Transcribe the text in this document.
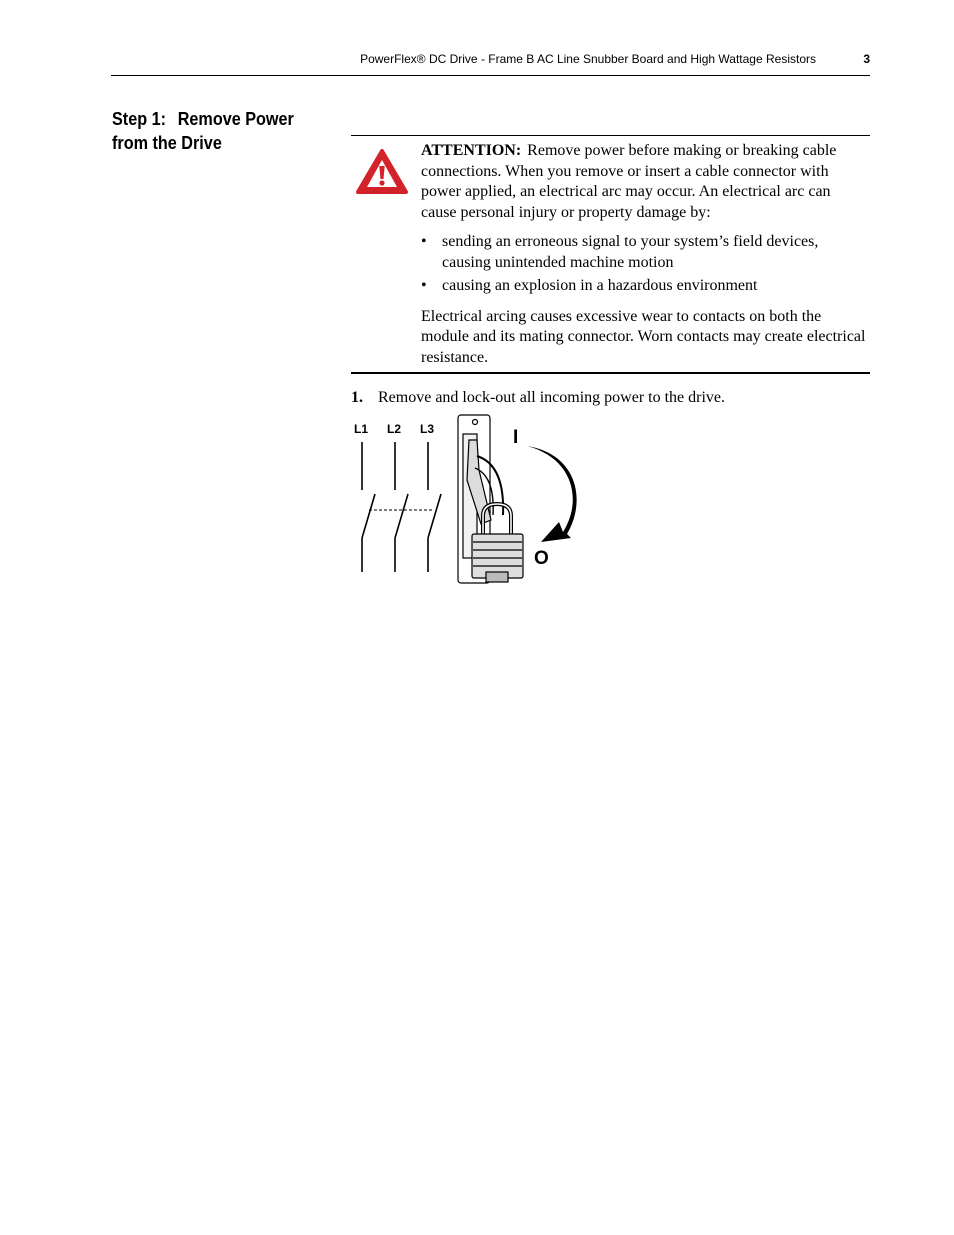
PowerFlex® DC Drive - Frame B AC Line Snubber Board and High Wattage Resistors	3
Step 1: Remove Power
from the Drive	ATTENTION: Remove power before making or breaking cable connections. When you remove or insert a cable connector with power applied, an electrical arc may occur. An electrical arc can cause personal injury or property damage by:

• sending an erroneous signal to your system’s field devices, causing unintended machine motion
• causing an explosion in a hazardous environment

Electrical arcing causes excessive wear to contacts on both the module and its mating connector. Worn contacts may create electrical resistance.

1. Remove and lock-out all incoming power to the drive.
L1 L2 L3	I
O
